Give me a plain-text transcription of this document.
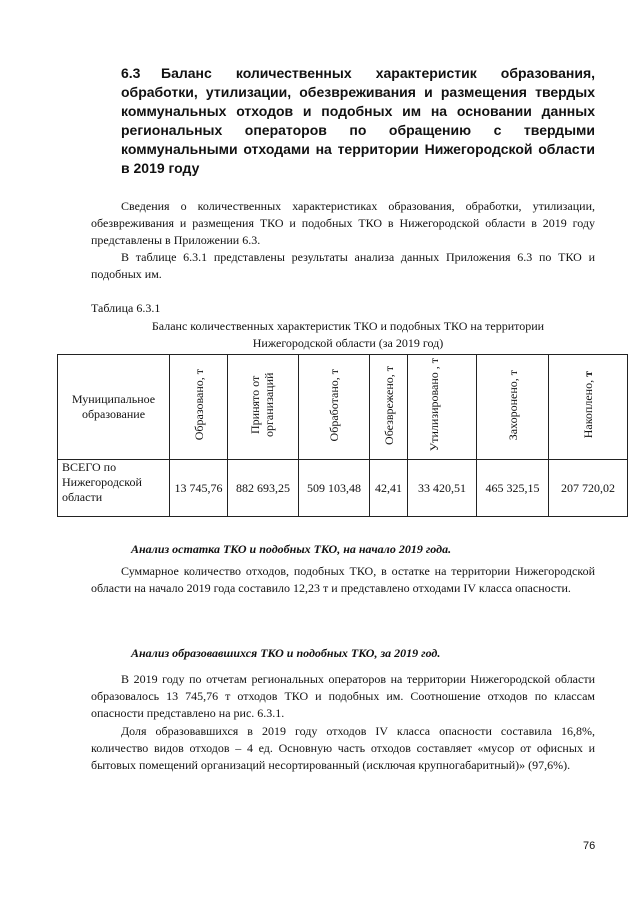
6.3 Баланс количественных характеристик образования, обработки, утилизации, обезвреживания и размещения твердых коммунальных отходов и подобных им на основании данных региональных операторов по обращению с твердыми коммунальными отходами на территории Нижегородской области в 2019 году

Сведения о количественных характеристиках образования, обработки, утилизации, обезвреживания и размещения ТКО и подобных ТКО в Нижегородской области в 2019 году представлены в Приложении 6.3.

В таблице 6.3.1 представлены результаты анализа данных Приложения 6.3 по ТКО и подобных им.

Таблица 6.3.1

Баланс количественных характеристик ТКО и подобных ТКО на территории
Нижегородской области (за 2019 год)

Муниципальное образование	Образовано, т	Принято от организаций	Обработано, т	Обезврежено, т	Утилизировано , т	Захоронено, т	Накоплено, т
ВСЕГО по Нижегородской области	13 745,76	882 693,25	509 103,48	42,41	33 420,51	465 325,15	207 720,02

Анализ остатка ТКО и подобных ТКО, на начало 2019 года.

Суммарное количество отходов, подобных ТКО, в остатке на территории Нижегородской области на начало 2019 года составило 12,23 т и представлено отходами IV класса опасности.

Анализ образовавшихся ТКО и подобных ТКО, за 2019 год.

В 2019 году по отчетам региональных операторов на территории Нижегородской области образовалось 13 745,76 т отходов ТКО и подобных им. Соотношение отходов по классам опасности представлено на рис. 6.3.1.

Доля образовавшихся в 2019 году отходов IV класса опасности составила 16,8%, количество видов отходов – 4 ед. Основную часть отходов составляет «мусор от офисных и бытовых помещений организаций несортированный (исключая крупногабаритный)» (97,6%).

76
